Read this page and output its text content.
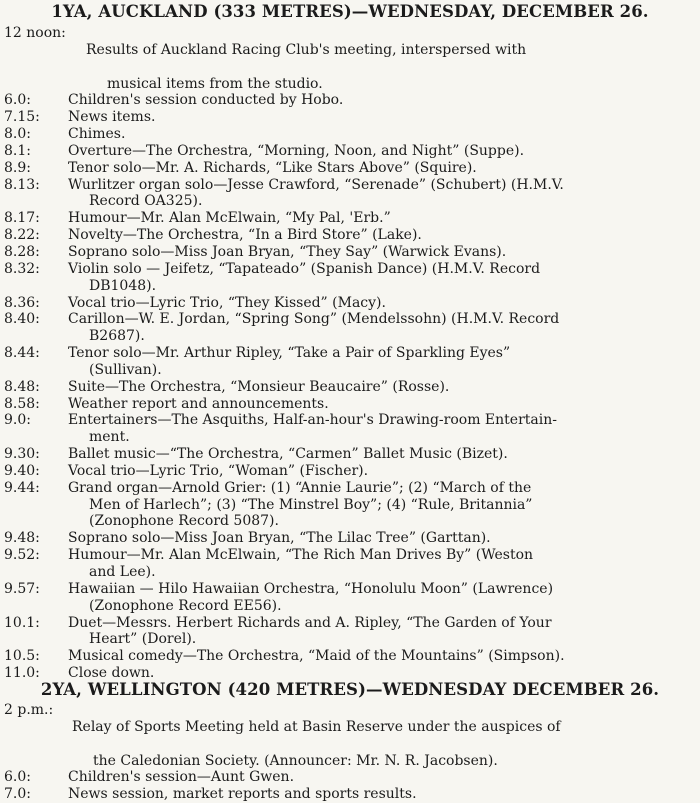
1YA, AUCKLAND (333 METRES)—WEDNESDAY, DECEMBER 26.
12 noon:

Results of Auckland Racing Club's meeting, interspersed with

musical items from the studio.

6.0:	Children's session conducted by Hobo.
7.15:	News items.
8.0:	Chimes.
8.1:	Overture—The Orchestra, “Morning, Noon, and Night” (Suppe).
8.9:	Tenor solo—Mr. A. Richards, “Like Stars Above” (Squire).
8.13:	Wurlitzer organ solo—Jesse Crawford, “Serenade” (Schubert) (H.M.V.
Record OA325).
8.17:	Humour—Mr. Alan McElwain, “My Pal, 'Erb.”
8.22:	Novelty—The Orchestra, “In a Bird Store” (Lake).
8.28:	Soprano solo—Miss Joan Bryan, “They Say” (Warwick Evans).
8.32:	Violin solo — Jeifetz, “Tapateado” (Spanish Dance) (H.M.V. Record
DB1048).
8.36:	Vocal trio—Lyric Trio, “They Kissed” (Macy).
8.40:	Carillon—W. E. Jordan, “Spring Song” (Mendelssohn) (H.M.V. Record
B2687).
8.44:	Tenor solo—Mr. Arthur Ripley, “Take a Pair of Sparkling Eyes”
(Sullivan).
8.48:	Suite—The Orchestra, “Monsieur Beaucaire” (Rosse).
8.58:	Weather report and announcements.
9.0:	Entertainers—The Asquiths, Half-an-hour's Drawing-room Entertain-
ment.
9.30:	Ballet music—“The Orchestra, “Carmen” Ballet Music (Bizet).
9.40:	Vocal trio—Lyric Trio, “Woman” (Fischer).
9.44:	Grand organ—Arnold Grier: (1) “Annie Laurie”; (2) “March of the
Men of Harlech”; (3) “The Minstrel Boy”; (4) “Rule, Britannia”
(Zonophone Record 5087).
9.48:	Soprano solo—Miss Joan Bryan, “The Lilac Tree” (Garttan).
9.52:	Humour—Mr. Alan McElwain, “The Rich Man Drives By” (Weston
and Lee).
9.57:	Hawaiian — Hilo Hawaiian Orchestra, “Honolulu Moon” (Lawrence)
(Zonophone Record EE56).
10.1:	Duet—Messrs. Herbert Richards and A. Ripley, “The Garden of Your
Heart” (Dorel).
10.5:	Musical comedy—The Orchestra, “Maid of the Mountains” (Simpson).
11.0:	Close down.
2YA, WELLINGTON (420 METRES)—WEDNESDAY DECEMBER 26.
2 p.m.:

Relay of Sports Meeting held at Basin Reserve under the auspices of

the Caledonian Society. (Announcer: Mr. N. R. Jacobsen).

6.0:	Children's session—Aunt Gwen.
7.0:	News session, market reports and sports results.
